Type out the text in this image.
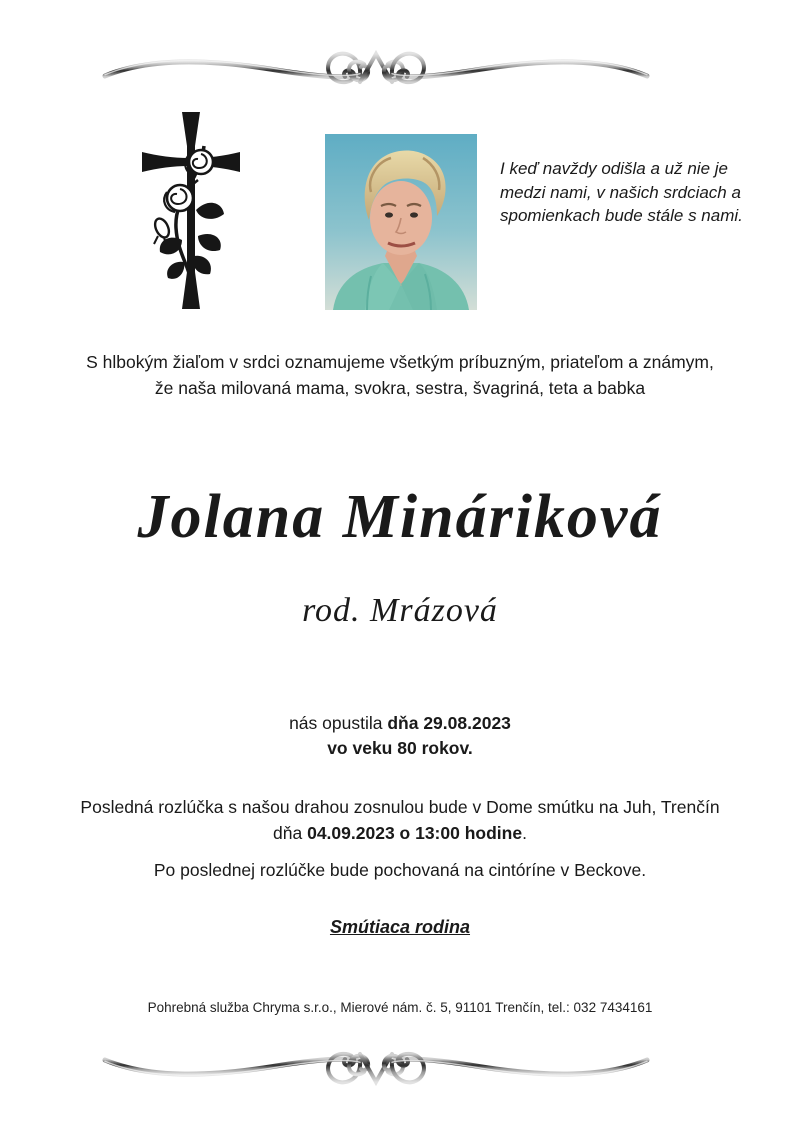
I keď navždy odišla a už nie je
medzi nami, v našich srdciach a
spomienkach bude stále s nami.
S hlbokým žiaľom v srdci oznamujeme všetkým príbuzným, priateľom a známym,
že naša milovaná mama, svokra, sestra, švagriná, teta a babka
Jolana Mináriková
rod. Mrázová
nás opustila dňa 29.08.2023
vo veku 80 rokov.
Posledná rozlúčka s našou drahou zosnulou bude v Dome smútku na Juh, Trenčín
dňa 04.09.2023 o 13:00 hodine.
Po poslednej rozlúčke bude pochovaná na cintóríne v Beckove.
Smútiaca rodina
Pohrebná služba Chryma s.r.o., Mierové nám. č. 5, 91101 Trenčín, tel.: 032 7434161
